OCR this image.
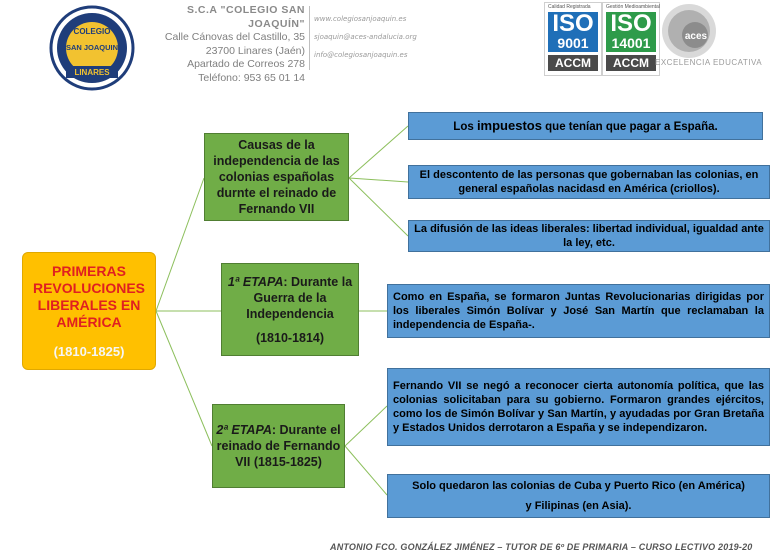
COLEGIO
SAN JOAQUIN
LINARES
S.C.A "COLEGIO SAN JOAQUÍN"
Calle Cánovas del Castillo, 35
23700 Linares (Jaén)
Apartado de Correos 278
Teléfono: 953 65 01 14
www.colegiosanjoaquin.es
sjoaquin@aces-andalucia.org
info@colegiosanjoaquin.es
Calidad Registrada
ISO
9001
ACCM
Gestión Medioambiental
ISO
14001
ACCM
aces
EXCELENCIA EDUCATIVA
PRIMERAS REVOLUCIONES LIBERALES EN AMÉRICA
(1810-1825)
Causas de la independencia de las colonias españolas durnte el reinado de Fernando VII
1ª ETAPA: Durante la Guerra de la Independencia
(1810-1814)
2ª ETAPA: Durante el reinado de Fernando VII (1815-1825)
Los impuestos que tenían que pagar a España.
El descontento de las personas que gobernaban las colonias, en general españolas nacidasd en América (criollos).
La difusión de las ideas liberales: libertad individual, igualdad ante la ley, etc.
Como en España, se formaron Juntas Revolucionarias dirigidas por los liberales Simón Bolívar y José San Martín que reclamaban la independencia de España-.
Fernando VII se negó a reconocer cierta autonomía política, que las colonias solicitaban para su gobierno. Formaron grandes ejércitos, como los de Simón Bolívar y San Martín, y ayudadas por Gran Bretaña y Estados Unidos derrotaron a España y se independizaron.
Solo quedaron las colonias de Cuba y Puerto Rico (en América)
y Filipinas (en Asia).
ANTONIO FCO. GONZÁLEZ JIMÉNEZ – TUTOR DE 6º DE PRIMARIA – CURSO LECTIVO 2019-20
